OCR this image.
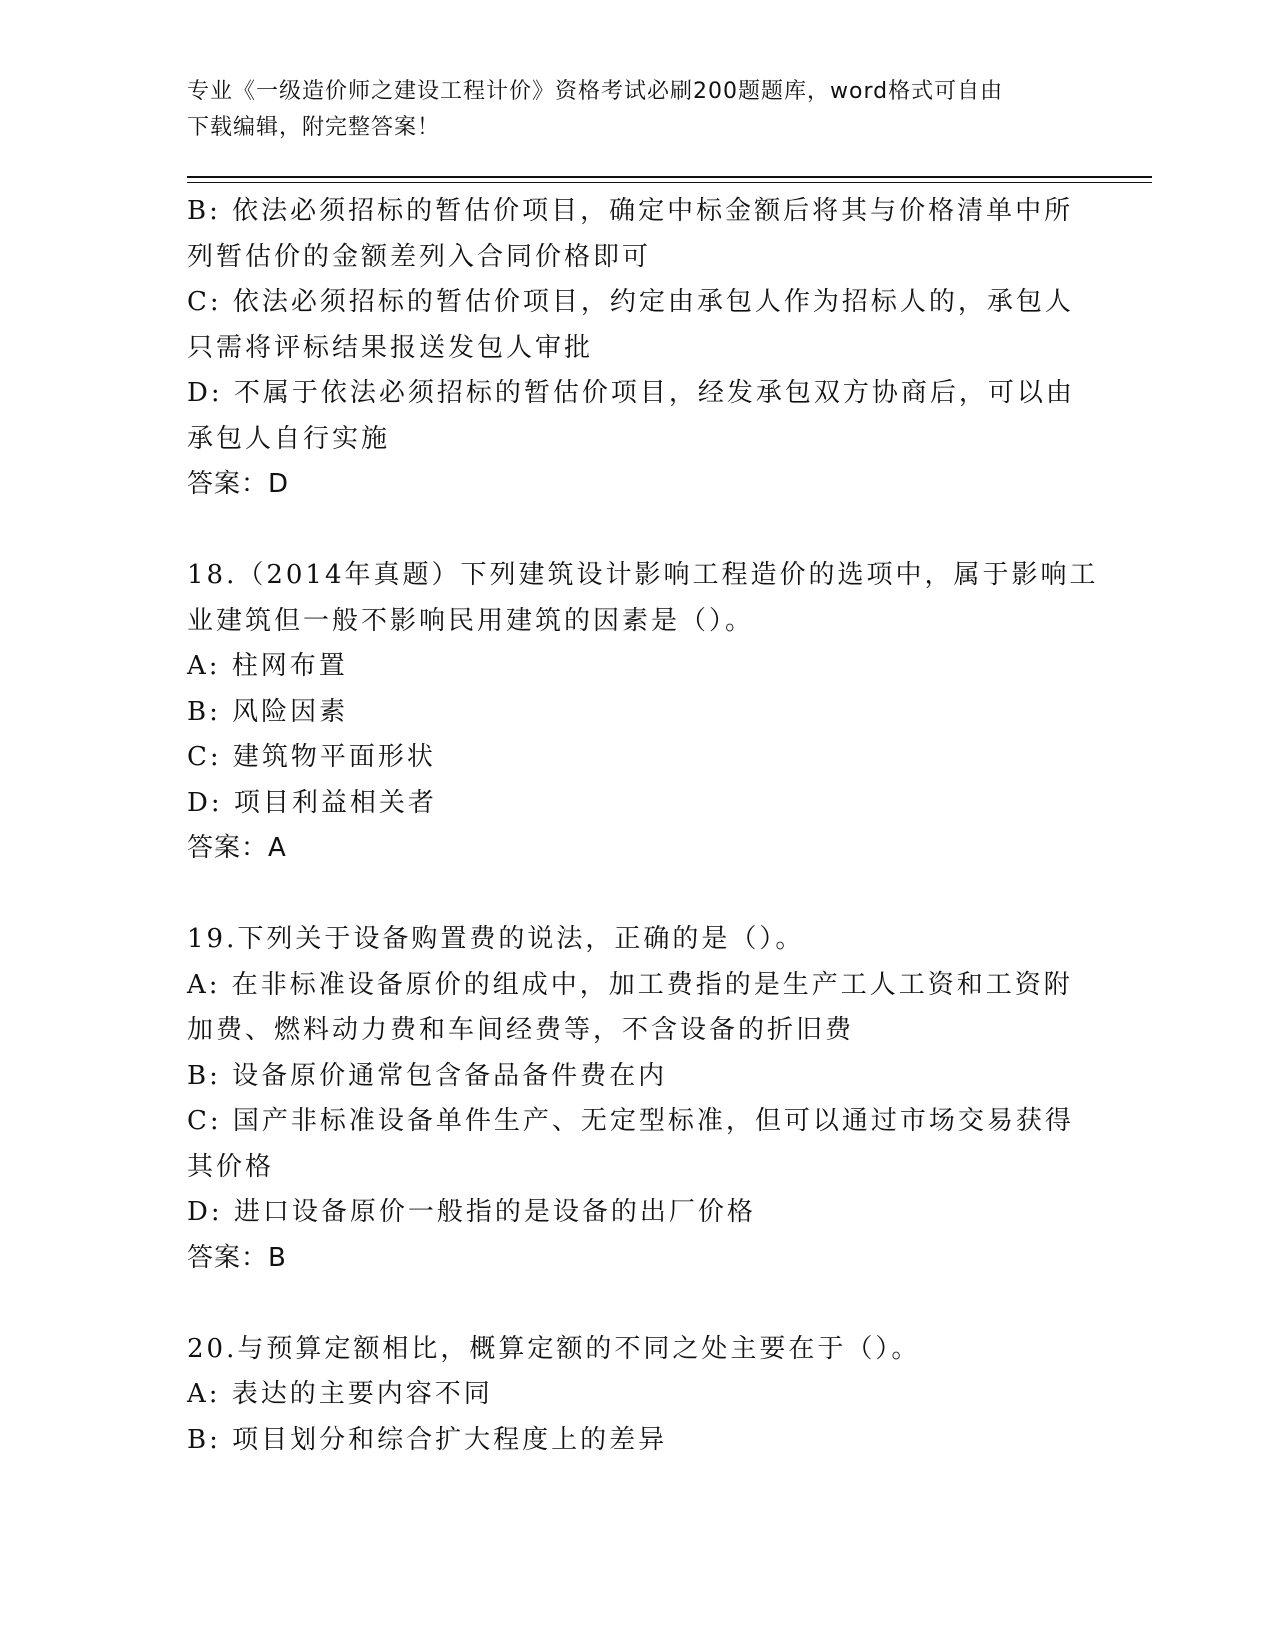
专业《一级造价师之建设工程计价》资格考试必刷200题题库，word格式可自由
下载编辑，附完整答案！
B: 依法必须招标的暂估价项目，确定中标金额后将其与价格清单中所
列暂估价的金额差列入合同价格即可
C: 依法必须招标的暂估价项目，约定由承包人作为招标人的，承包人
只需将评标结果报送发包人审批
D: 不属于依法必须招标的暂估价项目，经发承包双方协商后，可以由
承包人自行实施
答案：D
18.（2014年真题）下列建筑设计影响工程造价的选项中，属于影响工
业建筑但一般不影响民用建筑的因素是（）。
A: 柱网布置
B: 风险因素
C: 建筑物平面形状
D: 项目利益相关者
答案：A
19.下列关于设备购置费的说法，正确的是（）。
A: 在非标准设备原价的组成中，加工费指的是生产工人工资和工资附
加费、燃料动力费和车间经费等，不含设备的折旧费
B: 设备原价通常包含备品备件费在内
C: 国产非标准设备单件生产、无定型标准，但可以通过市场交易获得
其价格
D: 进口设备原价一般指的是设备的出厂价格
答案：B
20.与预算定额相比，概算定额的不同之处主要在于（）。
A: 表达的主要内容不同
B: 项目划分和综合扩大程度上的差异
